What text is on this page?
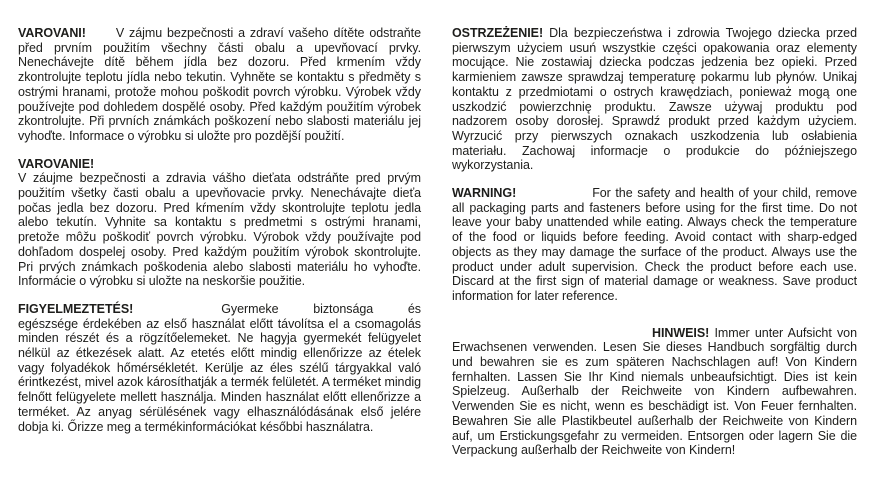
VAROVANI! V zájmu bezpečnosti a zdraví vašeho dítěte odstraňte před prvním použitím všechny části obalu a upevňovací prvky. Nenechávejte dítě během jídla bez dozoru. Před krmením vždy zkontrolujte teplotu jídla nebo tekutin. Vyhněte se kontaktu s předměty s ostrými hranami, protože mohou poškodit povrch výrobku. Výrobek vždy používejte pod dohledem dospělé osoby. Před každým použitím výrobek zkontrolujte. Při prvních známkách poškození nebo slabosti materiálu jej vyhoďte. Informace o výrobku si uložte pro pozdější použití.

VAROVANIE!
V záujme bezpečnosti a zdravia vášho dieťata odstráňte pred prvým použitím všetky časti obalu a upevňovacie prvky. Nenechávajte dieťa počas jedla bez dozoru. Pred kŕmením vždy skontrolujte teplotu jedla alebo tekutín. Vyhnite sa kontaktu s predmetmi s ostrými hranami, pretože môžu poškodiť povrch výrobku. Výrobok vždy používajte pod dohľadom dospelej osoby. Pred každým použitím výrobok skontrolujte. Pri prvých známkach poškodenia alebo slabosti materiálu ho vyhoďte. Informácie o výrobku si uložte na neskoršie použitie.

FIGYELMEZTETÉS!	Gyermeke biztonsága és egészsége érdekében az első használat előtt távolítsa el a csomagolás minden részét és a rögzítőelemeket. Ne hagyja gyermekét felügyelet nélkül az étkezések alatt. Az etetés előtt mindig ellenőrizze az ételek vagy folyadékok hőmérsékletét. Kerülje az éles szélű tárgyakkal való érintkezést, mivel azok károsíthatják a termék felületét. A terméket mindig felnőtt felügyelete mellett használja. Minden használat előtt ellenőrizze a terméket. Az anyag sérülésének vagy elhasználódásának első jelére dobja ki. Őrizze meg a termékinformációkat későbbi használatra.

OSTRZEŻENIE! Dla bezpieczeństwa i zdrowia Twojego dziecka przed pierwszym użyciem usuń wszystkie części opakowania oraz elementy mocujące. Nie zostawiaj dziecka podczas jedzenia bez opieki. Przed karmieniem zawsze sprawdzaj temperaturę pokarmu lub płynów. Unikaj kontaktu z przedmiotami o ostrych krawędziach, ponieważ mogą one uszkodzić powierzchnię produktu. Zawsze używaj produktu pod nadzorem osoby dorosłej. Sprawdź produkt przed każdym użyciem. Wyrzucić przy pierwszych oznakach uszkodzenia lub osłabienia materiału. Zachowaj informacje o produkcie do późniejszego wykorzystania.

WARNING!	For the safety and health of your child, remove all packaging parts and fasteners before using for the first time. Do not leave your baby unattended while eating. Always check the temperature of the food or liquids before feeding. Avoid contact with sharp-edged objects as they may damage the surface of the product. Always use the product under adult supervision. Check the product before each use. Discard at the first sign of material damage or weakness. Save product information for later reference.

HINWEIS! Immer unter Aufsicht von Erwachsenen verwenden. Lesen Sie dieses Handbuch sorgfältig durch und bewahren sie es zum späteren Nachschlagen auf! Von Kindern fernhalten. Lassen Sie Ihr Kind niemals unbeaufsichtigt. Dies ist kein Spielzeug. Außerhalb der Reichweite von Kindern aufbewahren. Verwenden Sie es nicht, wenn es beschädigt ist. Von Feuer fernhalten. Bewahren Sie alle Plastikbeutel außerhalb der Reichweite von Kindern auf, um Erstickungsgefahr zu vermeiden. Entsorgen oder lagern Sie die Verpackung außerhalb der Reichweite von Kindern!
